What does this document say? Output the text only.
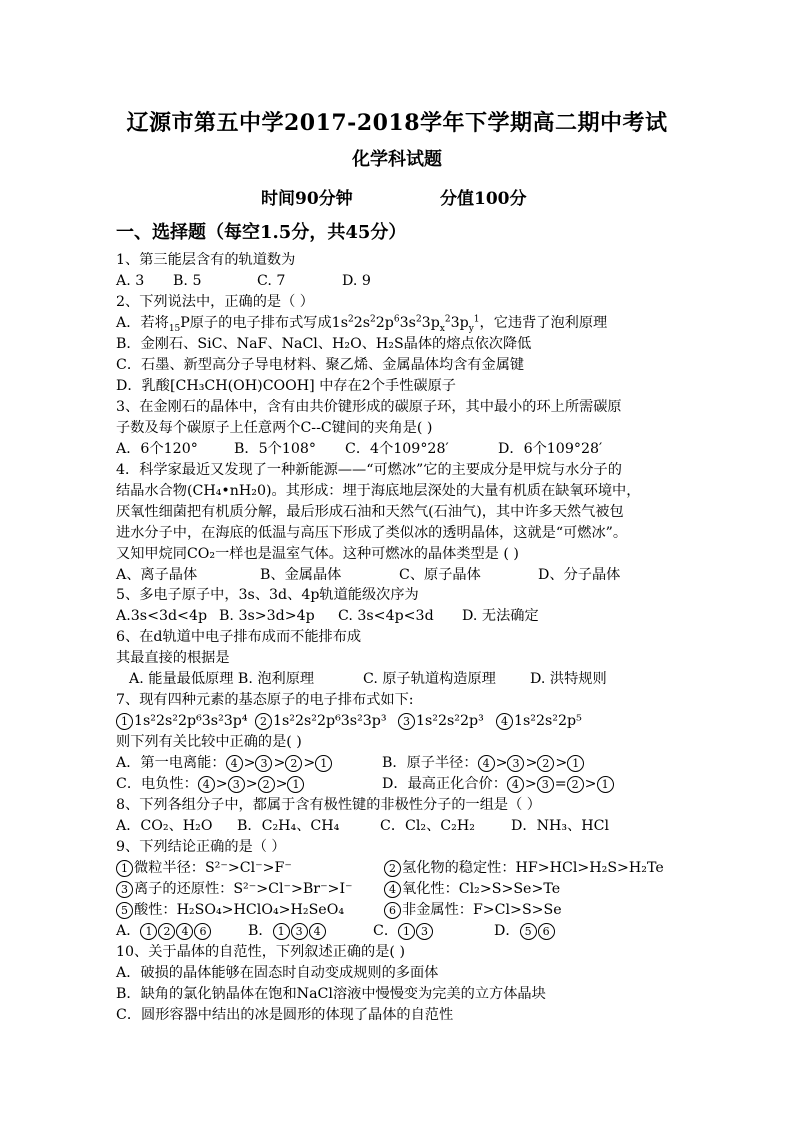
辽源市第五中学2017-2018学年下学期高二期中考试
化学科试题
时间90分钟	分值100分
一、选择题（每空1.5分，共45分）
1、第三能层含有的轨道数为
A. 3 B. 5	C. 7	D. 9
2、下列说法中，正确的是（ ）
A．若将$_{15}$P原子的电子排布式写成$1s^22s^22p^63s^23p_x^23p_y^1$，它违背了泡利原理
B．金刚石、SiC、NaF、NaCl、H₂O、H₂S晶体的熔点依次降低
C．石墨、新型高分子导电材料、聚乙烯、金属晶体均含有金属键
D．乳酸[CH₃CH(OH)COOH] 中存在2个手性碳原子
3、在金刚石的晶体中，含有由共价键形成的碳原子环，其中最小的环上所需碳原
子数及每个碳原子上任意两个C--C键间的夹角是( )
A．6个120°	B．5个108° C．4个109°28′	D．6个109°28′
4．科学家最近又发现了一种新能源——“可燃冰”它的主要成分是甲烷与水分子的
结晶水合物(CH₄•nH₂0)。其形成：埋于海底地层深处的大量有机质在缺氧环境中，
厌氧性细菌把有机质分解，最后形成石油和天然气(石油气)，其中许多天然气被包
进水分子中，在海底的低温与高压下形成了类似冰的透明晶体，这就是“可燃冰”。
又知甲烷同CO₂一样也是温室气体。这种可燃冰的晶体类型是 ( )
A、离子晶体	B、金属晶体	C、原子晶体	D、分子晶体
5、多电子原子中，3s、3d、4p轨道能级次序为
A.3s<3d<4p B. 3s>3d>4p C. 3s<4p<3d D. 无法确定
6、在d轨道中电子排布成而不能排布成
其最直接的根据是
A. 能量最低原理 B. 泡利原理	C. 原子轨道构造原理 D. 洪特规则
7、现有四种元素的基态原子的电子排布式如下:
1 1s²2s²2p⁶3s²3p⁴	2 1s²2s²2p⁶3s²3p³	3 1s²2s²2p³	4 1s²2s²2p⁵
则下列有关比较中正确的是( )
A．第一电离能： 4 > 3 > 2 > 1	B．原子半径： 4 > 3 > 2 > 1
C．电负性： 4 > 3 > 2 > 1	D．最高正化合价： 4 > 3 = 2 > 1
8、下列各组分子中，都属于含有极性键的非极性分子的一组是（ ）
A．CO₂、H₂O B．C₂H₄、CH₄	C．Cl₂、C₂H₂	D．NH₃、HCl
9、下列结论正确的是（ ）
1 微粒半径：S²⁻>Cl⁻>F⁻	2 氢化物的稳定性：HF>HCl>H₂S>H₂Te
3 离子的还原性：S²⁻>Cl⁻>Br⁻>I⁻	4 氧化性：Cl₂>S>Se>Te
5 酸性：H₂SO₄>HClO₄>H₂SeO₄	6 非金属性：F>Cl>S>Se
A． 1 2 4 6	B． 1 3 4	C． 1 3	D． 5 6
10、关于晶体的自范性，下列叙述正确的是( )
A．破损的晶体能够在固态时自动变成规则的多面体
B．缺角的氯化钠晶体在饱和NaCl溶液中慢慢变为完美的立方体晶块
C．圆形容器中结出的冰是圆形的体现了晶体的自范性
